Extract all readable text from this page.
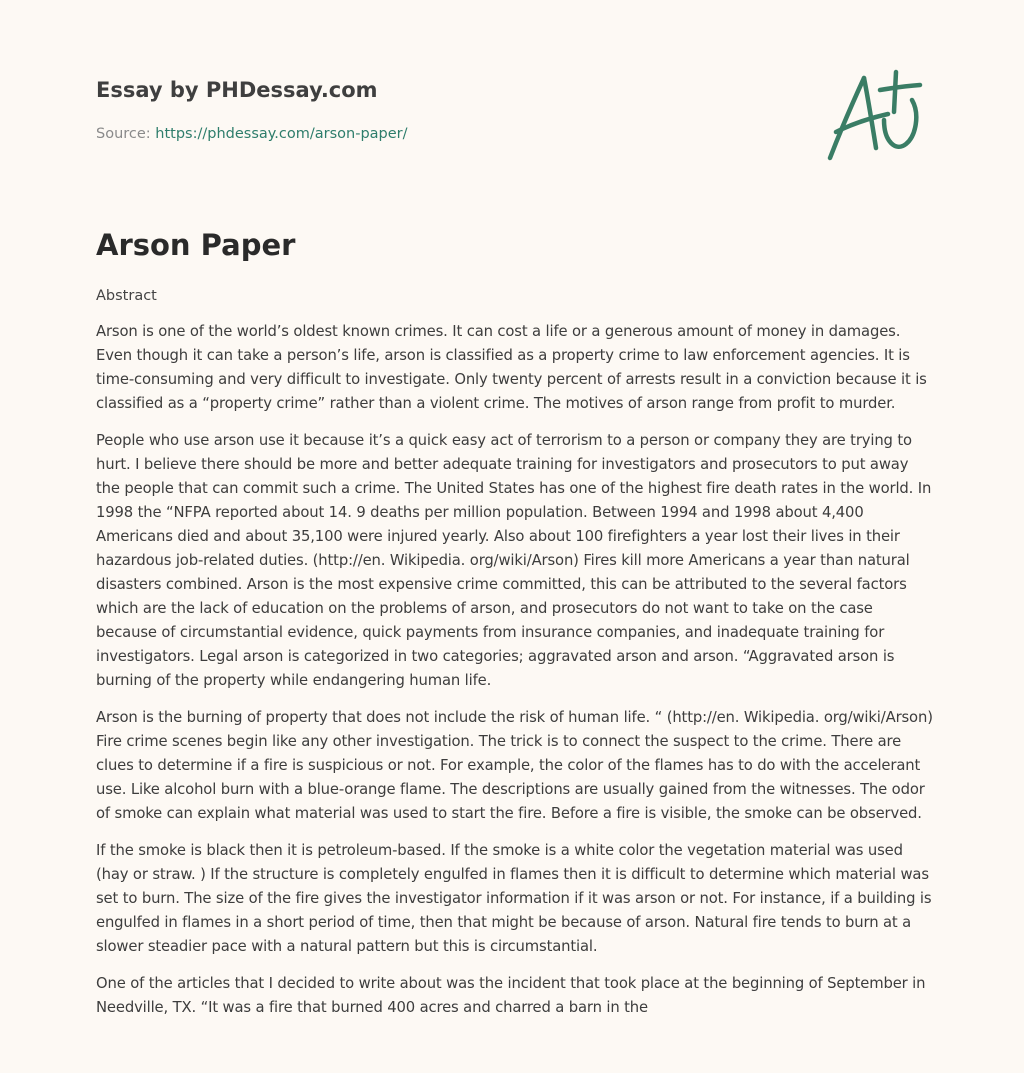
Essay by PHDessay.com
Source: https://phdessay.com/arson-paper/
Arson Paper
Abstract

Arson is one of the world’s oldest known crimes. It can cost a life or a generous amount of money in damages. Even though it can take a person’s life, arson is classified as a property crime to law enforcement agencies. It is time-consuming and very difficult to investigate. Only twenty percent of arrests result in a conviction because it is classified as a “property crime” rather than a violent crime. The motives of arson range from profit to murder.

People who use arson use it because it’s a quick easy act of terrorism to a person or company they are trying to hurt. I believe there should be more and better adequate training for investigators and prosecutors to put away the people that can commit such a crime. The United States has one of the highest fire death rates in the world. In 1998 the “NFPA reported about 14. 9 deaths per million population. Between 1994 and 1998 about 4,400 Americans died and about 35,100 were injured yearly. Also about 100 firefighters a year lost their lives in their hazardous job-related duties. (http://en. Wikipedia. org/wiki/Arson) Fires kill more Americans a year than natural disasters combined. Arson is the most expensive crime committed, this can be attributed to the several factors which are the lack of education on the problems of arson, and prosecutors do not want to take on the case because of circumstantial evidence, quick payments from insurance companies, and inadequate training for investigators. Legal arson is categorized in two categories; aggravated arson and arson. “Aggravated arson is burning of the property while endangering human life.

Arson is the burning of property that does not include the risk of human life. “ (http://en. Wikipedia. org/wiki/Arson) Fire crime scenes begin like any other investigation. The trick is to connect the suspect to the crime. There are clues to determine if a fire is suspicious or not. For example, the color of the flames has to do with the accelerant use. Like alcohol burn with a blue-orange flame. The descriptions are usually gained from the witnesses. The odor of smoke can explain what material was used to start the fire. Before a fire is visible, the smoke can be observed.

If the smoke is black then it is petroleum-based. If the smoke is a white color the vegetation material was used (hay or straw. ) If the structure is completely engulfed in flames then it is difficult to determine which material was set to burn. The size of the fire gives the investigator information if it was arson or not. For instance, if a building is engulfed in flames in a short period of time, then that might be because of arson. Natural fire tends to burn at a slower steadier pace with a natural pattern but this is circumstantial.

One of the articles that I decided to write about was the incident that took place at the beginning of September in Needville, TX. “It was a fire that burned 400 acres and charred a barn in the
